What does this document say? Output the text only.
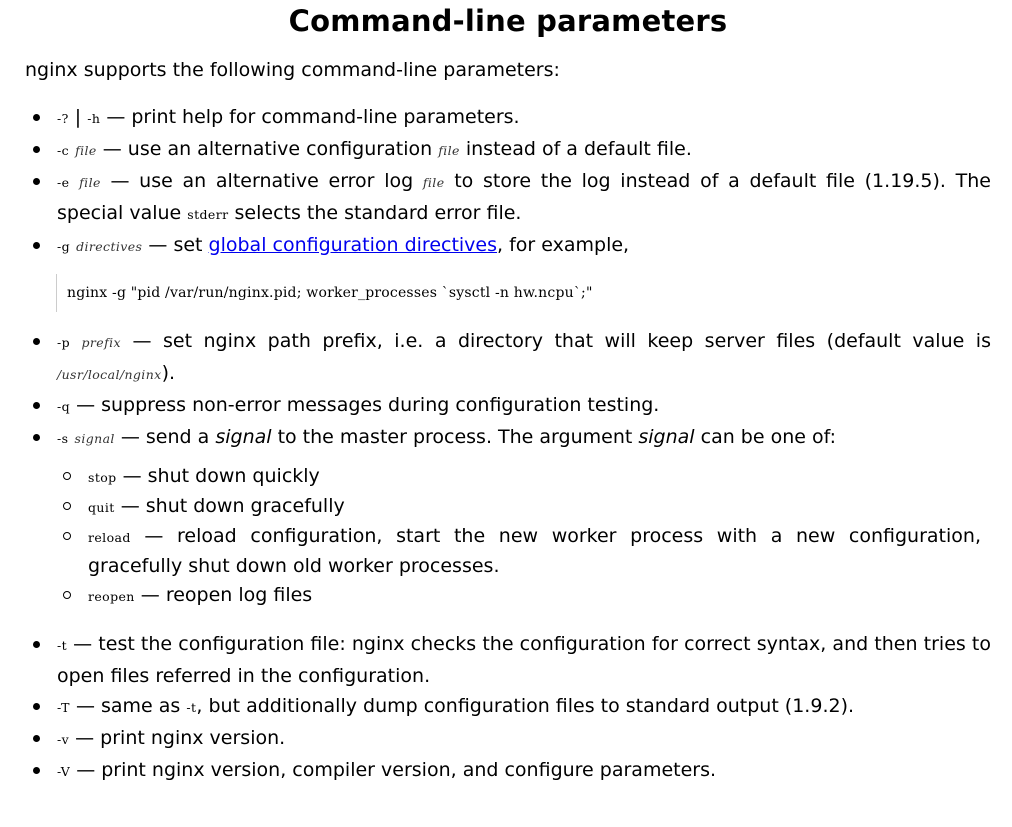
Command-line parameters

nginx supports the following command-line parameters:

-? | -h — print help for command-line parameters.
-c file — use an alternative configuration file instead of a default file.
-e file — use an alternative error log file to store the log instead of a default file (1.19.5). The special value stderr selects the standard error file.
-g directives — set global configuration directives, for example,
nginx -g "pid /var/run/nginx.pid; worker_processes `sysctl -n hw.ncpu`;"
-p prefix — set nginx path prefix, i.e. a directory that will keep server files (default value is /usr/local/nginx).
-q — suppress non-error messages during configuration testing.
-s signal — send a signal to the master process. The argument signal can be one of:
stop — shut down quickly
quit — shut down gracefully
reload — reload configuration, start the new worker process with a new configuration, gracefully shut down old worker processes.
reopen — reopen log files
-t — test the configuration file: nginx checks the configuration for correct syntax, and then tries to open files referred in the configuration.
-T — same as -t, but additionally dump configuration files to standard output (1.9.2).
-v — print nginx version.
-V — print nginx version, compiler version, and configure parameters.
